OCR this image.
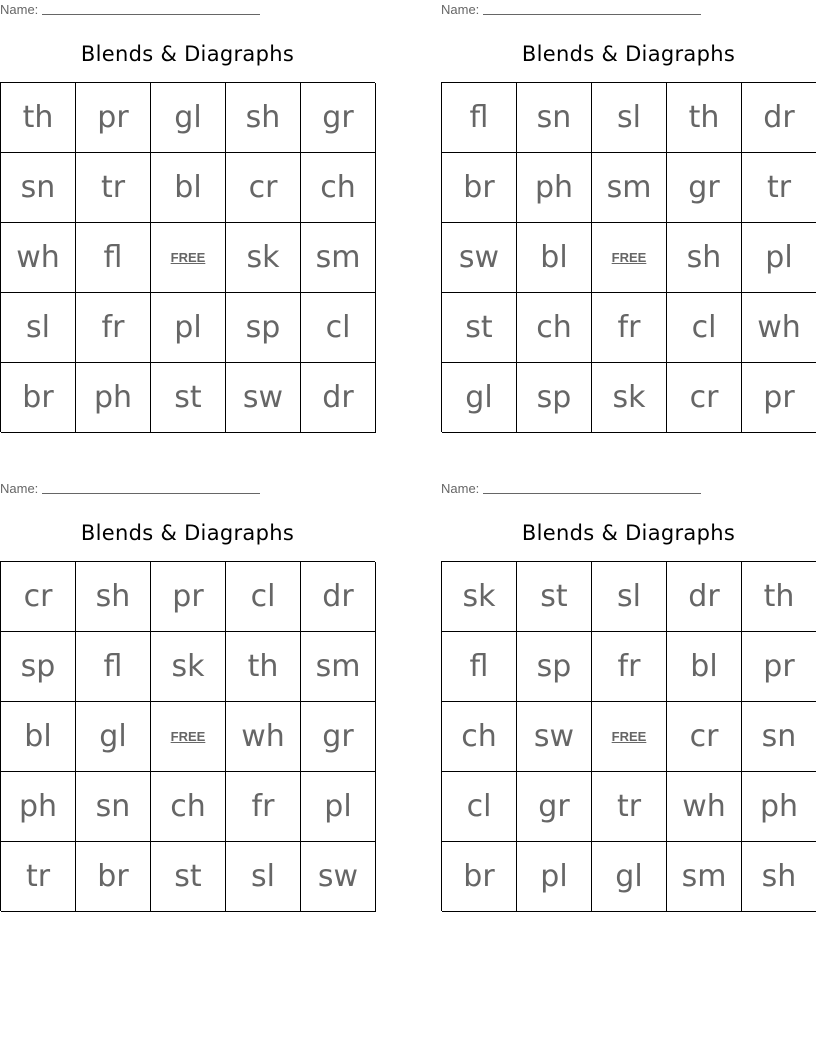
Name:
Blends & Diagraphs
th	pr	gl	sh	gr
sn	tr	bl	cr	ch
wh	fl	FREE	sk	sm
sl	fr	pl	sp	cl
br	ph	st	sw	dr
Name:
Blends & Diagraphs
fl	sn	sl	th	dr
br	ph	sm	gr	tr
sw	bl	FREE	sh	pl
st	ch	fr	cl	wh
gl	sp	sk	cr	pr
Name:
Blends & Diagraphs
cr	sh	pr	cl	dr
sp	fl	sk	th	sm
bl	gl	FREE	wh	gr
ph	sn	ch	fr	pl
tr	br	st	sl	sw
Name:
Blends & Diagraphs
sk	st	sl	dr	th
fl	sp	fr	bl	pr
ch	sw	FREE	cr	sn
cl	gr	tr	wh	ph
br	pl	gl	sm	sh
